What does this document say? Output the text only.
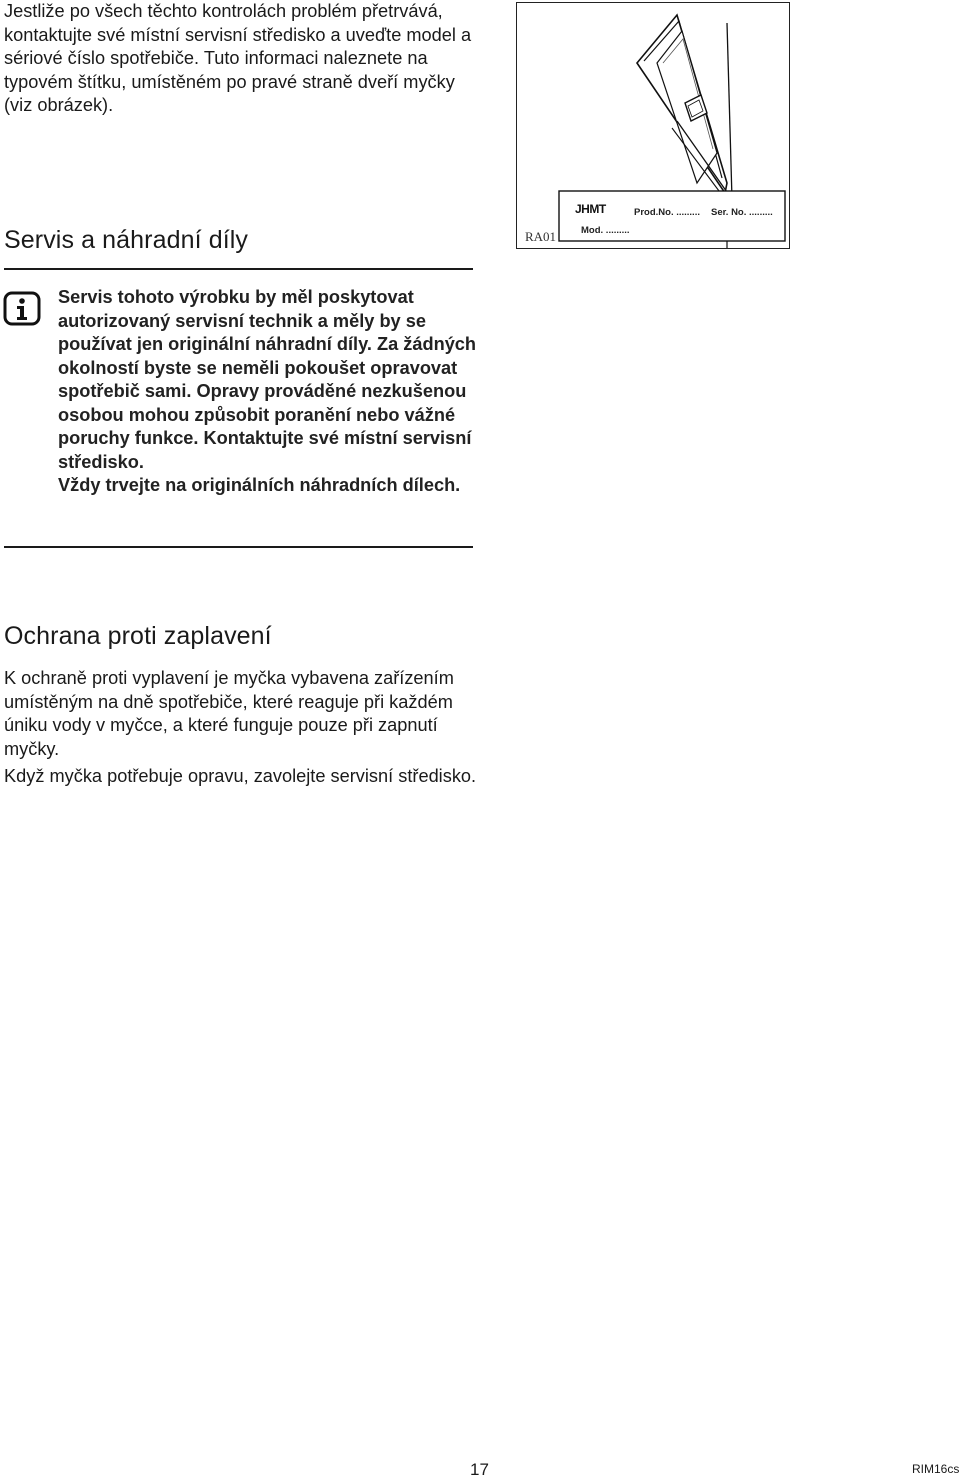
Jestliže po všech těchto kontrolách problém přetrvává, kontaktujte své místní servisní středisko a uveďte model a sériové číslo spotřebiče. Tuto informaci naleznete na typovém štítku, umístěném po pravé straně dveří myčky (viz obrázek).

JHMT	Prod.No. ......... Ser. No. .........
Mod. .........
RA01
Servis a náhradní díly

Servis tohoto výrobku by měl poskytovat autorizovaný servisní technik a měly by se používat jen originální náhradní díly. Za žádných okolností byste se neměli pokoušet opravovat spotřebič sami. Opravy prováděné nezkušenou osobou mohou způsobit poranění nebo vážné poruchy funkce. Kontaktujte své místní servisní středisko.

Vždy trvejte na originálních náhradních dílech.

Ochrana proti zaplavení

K ochraně proti vyplavení je myčka vybavena zařízením umístěným na dně spotřebiče, které reaguje při každém úniku vody v myčce, a které funguje pouze při zapnutí myčky.

Když myčka potřebuje opravu, zavolejte servisní středisko.

17	RIM16cs
